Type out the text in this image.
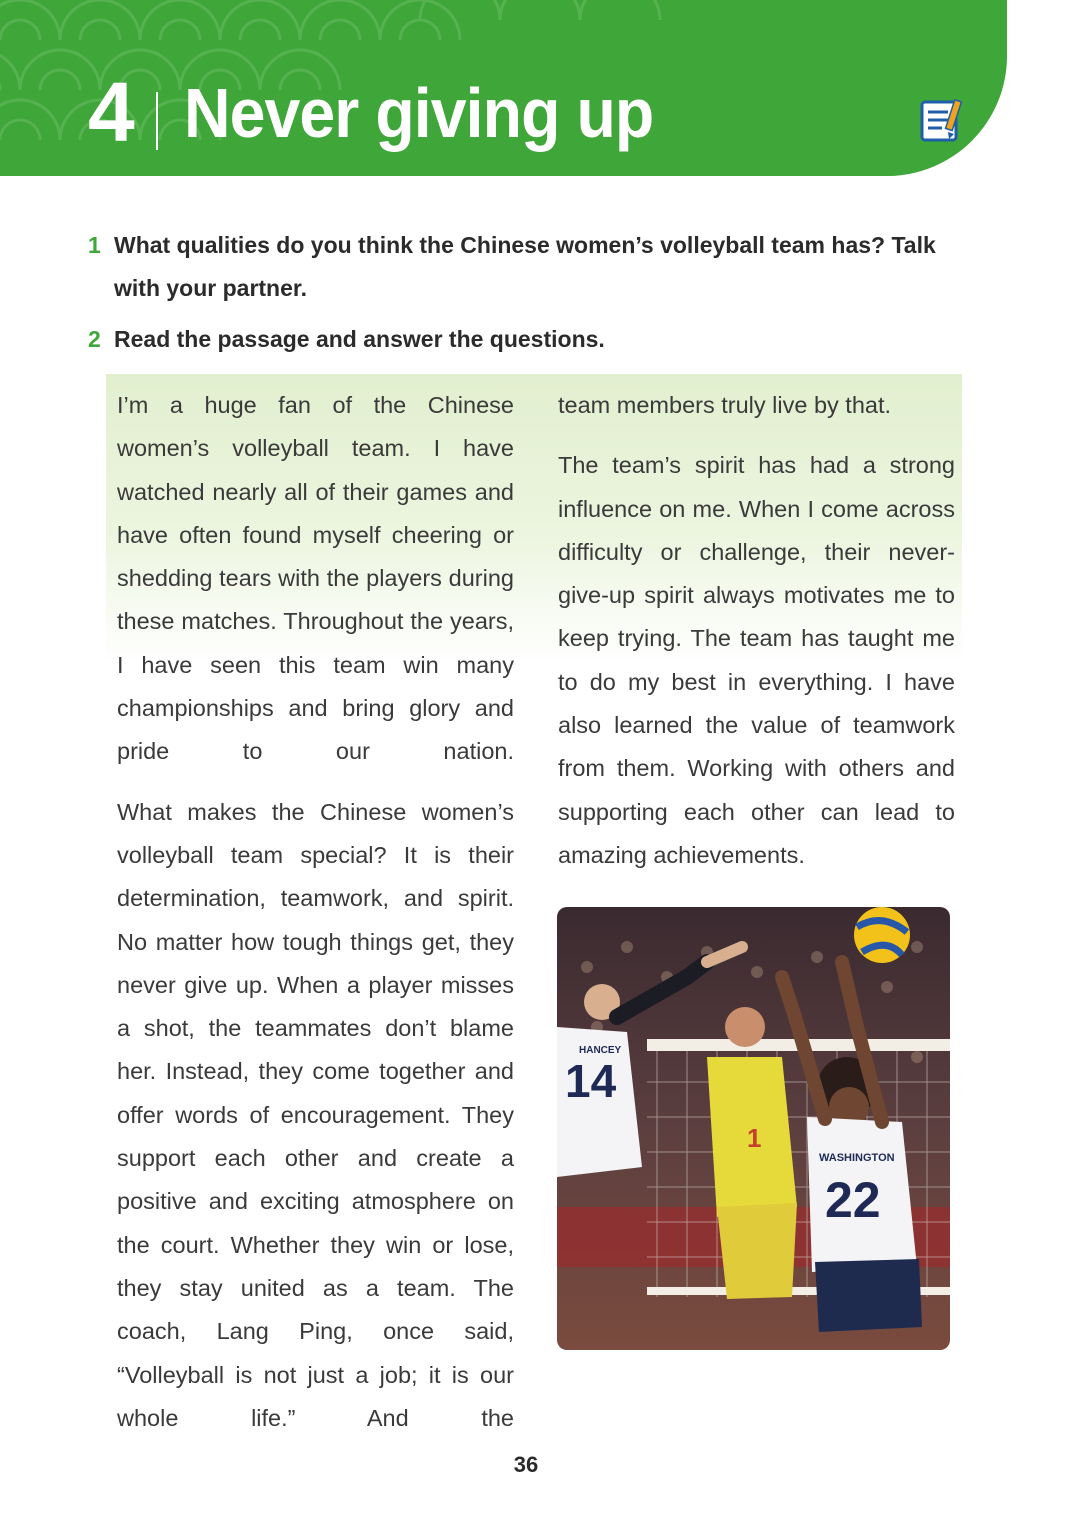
4 Never giving up
1 What qualities do you think the Chinese women’s volleyball team has? Talk
with your partner.
2 Read the passage and answer the questions.

I’m a huge fan of the Chinese women’s volleyball team. I have watched nearly all of their games and have often found myself cheering or shedding tears with the players during these matches. Throughout the years, I have seen this team win many championships and bring glory and pride to our nation.

What makes the Chinese women’s volleyball team special? It is their determination, teamwork, and spirit. No matter how tough things get, they never give up. When a player misses a shot, the teammates don’t blame her. Instead, they come together and offer words of encouragement. They support each other and create a positive and exciting atmosphere on the court. Whether they win or lose, they stay united as a team. The coach, Lang Ping, once said, “Volleyball is not just a job; it is our whole life.” And the

team members truly live by that.

The team’s spirit has had a strong influence on me. When I come across difficulty or challenge, their never-give-up spirit always motivates me to keep trying. The team has taught me to do my best in everything. I have also learned the value of teamwork from them. Working with others and supporting each other can lead to amazing achievements.

1
14
HANCEY
22
WASHINGTON
36
